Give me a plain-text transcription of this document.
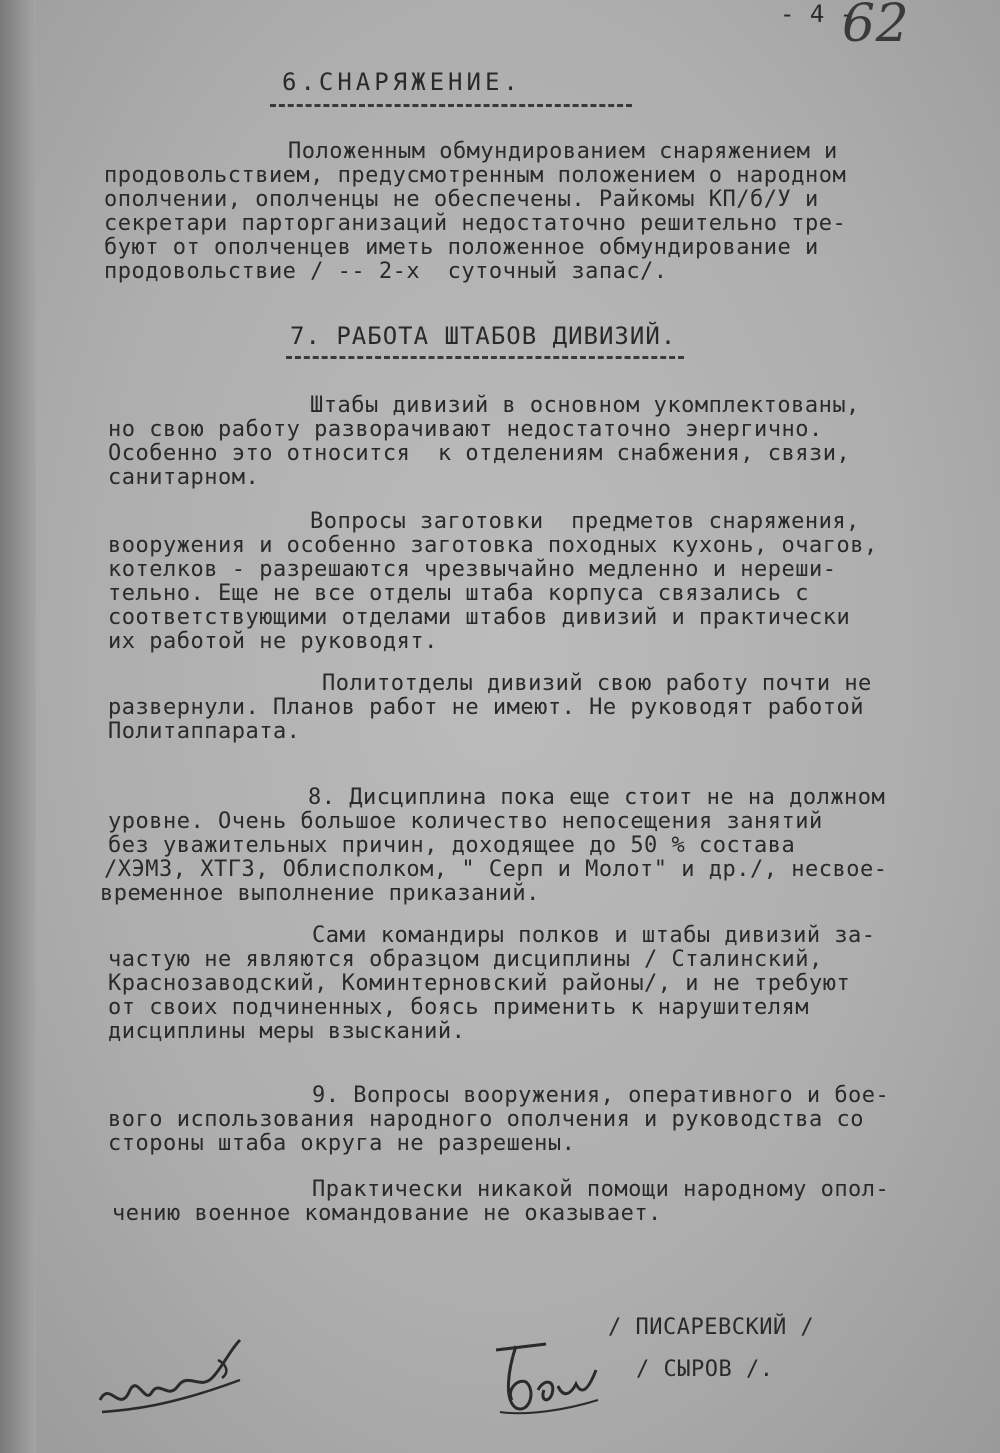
- 4 -
62
6.СНАРЯЖЕНИЕ.
Положенным обмундированием снаряжением и
продовольствием, предусмотренным положением о народном
ополчении, ополченцы не обеспечены. Райкомы КП/б/У и
секретари парторганизаций недостаточно решительно тре-
буют от ополченцев иметь положенное обмундирование и
продовольствие / -- 2-х  суточный запас/.
7. РАБОТА ШТАБОВ ДИВИЗИЙ.
Штабы дивизий в основном укомплектованы,
но свою работу разворачивают недостаточно энергично.
Особенно это относится  к отделениям снабжения, связи,
санитарном.
Вопросы заготовки  предметов снаряжения,
вооружения и особенно заготовка походных кухонь, очагов,
котелков - разрешаются чрезвычайно медленно и нереши-
тельно. Еще не все отделы штаба корпуса связались с
соответствующими отделами штабов дивизий и практически
их работой не руководят.
Политотделы дивизий свою работу почти не
развернули. Планов работ не имеют. Не руководят работой
Политаппарата.
8. Дисциплина пока еще стоит не на должном
уровне. Очень большое количество непосещения занятий
без уважительных причин, доходящее до 50 % состава
/ХЭМЗ, ХТГЗ, Облисполком, " Серп и Молот" и др./, несвое-
временное выполнение приказаний.
Сами командиры полков и штабы дивизий за-
частую не являются образцом дисциплины / Сталинский,
Краснозаводский, Коминтерновский районы/, и не требуют
от своих подчиненных, боясь применить к нарушителям
дисциплины меры взысканий.
9. Вопросы вооружения, оперативного и бое-
вого использования народного ополчения и руководства со
стороны штаба округа не разрешены.
Практически никакой помощи народному опол-
чению военное командование не оказывает.
/ ПИСАРЕВСКИЙ /
/ СЫРОВ /.
